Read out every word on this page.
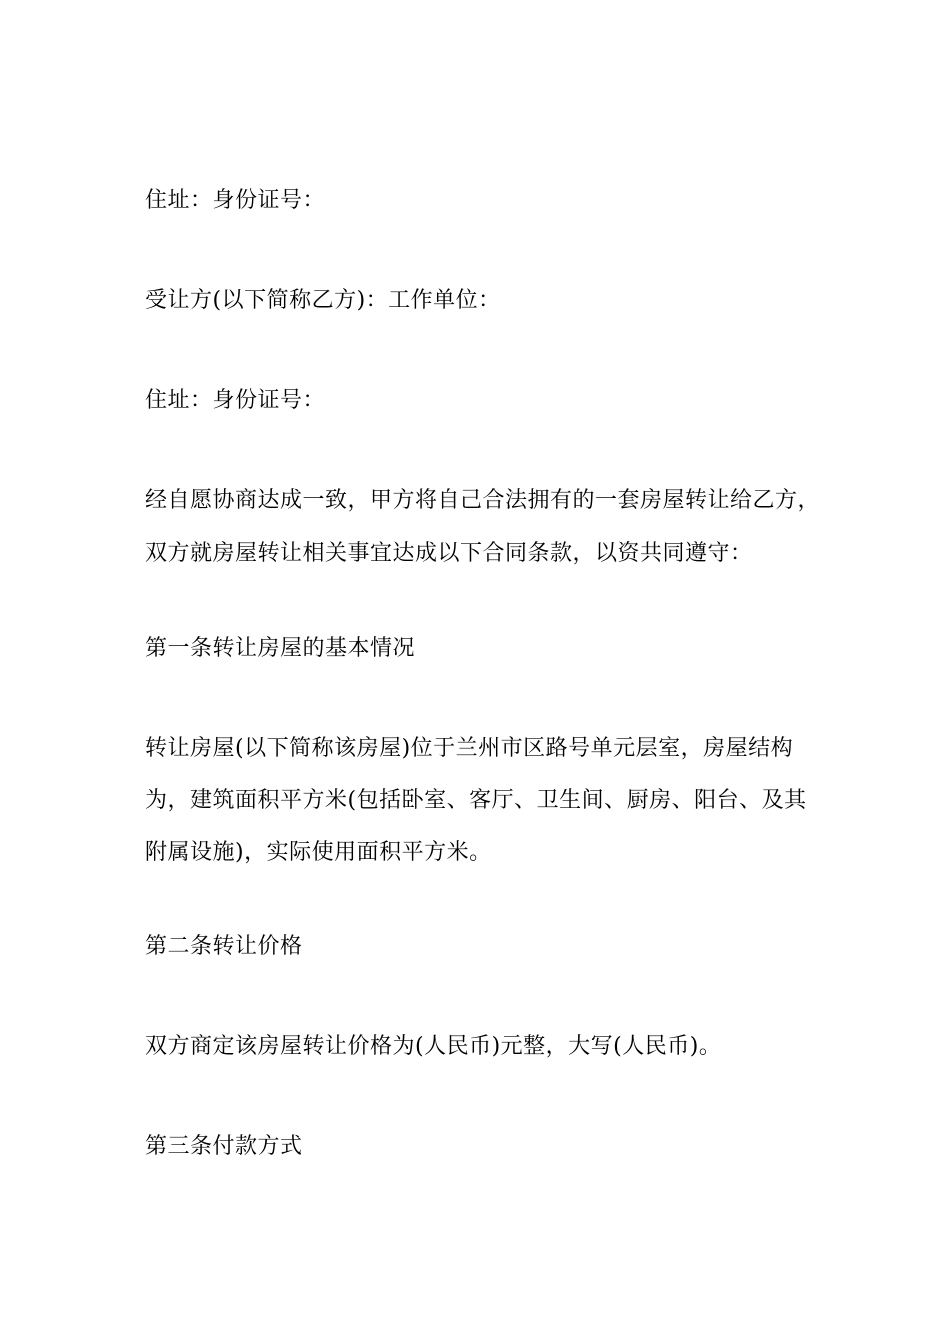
住址：身份证号：

受让方(以下简称乙方)：工作单位：

住址：身份证号：

经自愿协商达成一致，甲方将自己合法拥有的一套房屋转让给乙方，

双方就房屋转让相关事宜达成以下合同条款，以资共同遵守：

第一条转让房屋的基本情况

转让房屋(以下简称该房屋)位于兰州市区路号单元层室，房屋结构

为，建筑面积平方米(包括卧室、客厅、卫生间、厨房、阳台、及其

附属设施)，实际使用面积平方米。

第二条转让价格

双方商定该房屋转让价格为(人民币)元整，大写(人民币)。

第三条付款方式
